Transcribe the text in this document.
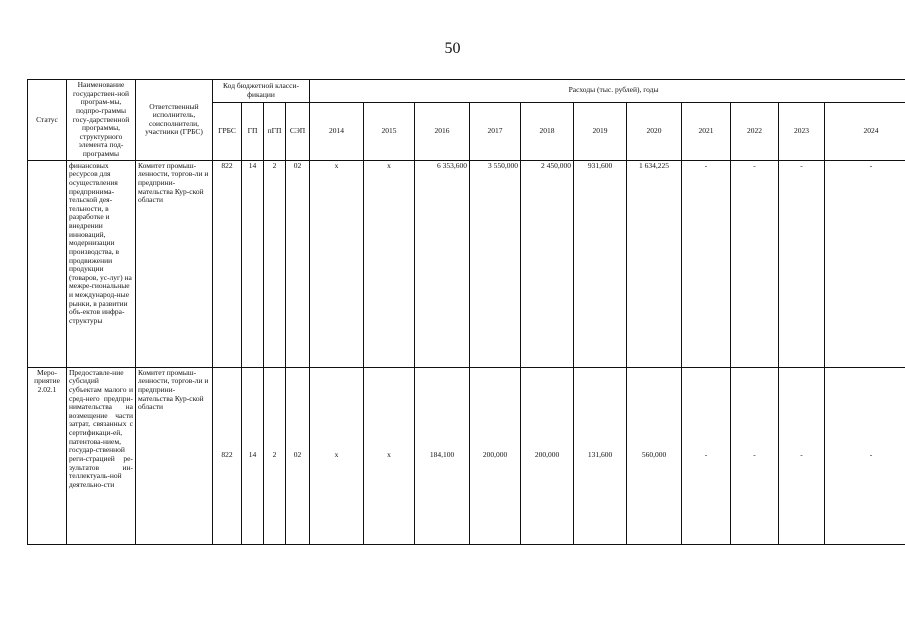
50
Статус	Наименование государствен-ной програм-мы, подпро-граммы госу-дарственной программы, структурного элемента под-программы	Ответственный исполнитель, соисполнители, участники (ГРБС)	Код бюджетной класси-фикации				Расходы (тыс. рублей), годы										
			ГРБС	ГП	пГП	СЭП	2014	2015	2016	2017	2018	2019	2020	2021	2022	2023	2024
	финансовых ресурсов для осуществления предпринима-тельской дея-тельности, в разработке и внедрении инноваций, модернизации производства, в продвижении продукции (товаров, ус-луг) на межре-гиональные и международ-ные рынки, в развитии объ-ектов инфра-структуры	Комитет промыш-ленности, торгов-ли и предприни-мательства Кур-ской области	822	14	2	02	х	х	6 353,600	3 550,000	2 450,000	931,600	1 634,225	-	-	-	-
Меро-приятие 2.02.1	Предоставле-ние субсидий субъектам малого и сред-него предпри-нимательства на возмещение части затрат, связанных с сертификаци-ей, патентова-нием, государ-ственной реги-страцией ре-зультатов ин-теллектуаль-ной деятельно-сти	Комитет промыш-ленности, торгов-ли и предприни-мательства Кур-ской области	822	14	2	02	х	х	184,100	200,000	200,000	131,600	560,000	-	-	-	-
